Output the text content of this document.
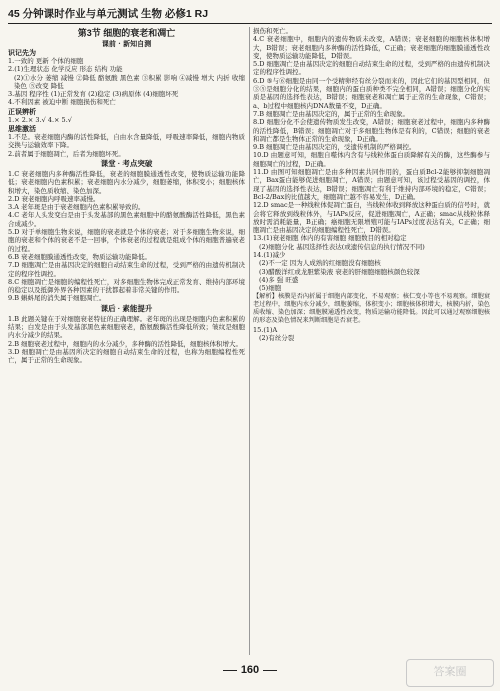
45 分钟课时作业与单元测试 生物 必修1 RJ
第3节 细胞的衰老和凋亡
课前 · 新知自测
识记先为

1.一致的 更新 个体的细胞

2.(1)生理状态 化学反应 形态 结构 功能

(2)①水分 萎缩 减慢 ②降低 酪氨酸 黑色素 ③积累 影响 ④减慢 增大 内折 收缩 染色 ⑤改变 降低

3.基因 程序性 (1)正常发育 (2)稳定 (3)病原体 (4)细胞坏死

4.不利因素 被迫中断 细胞损伤和死亡

正误辨析

1.× 2.× 3.√ 4.× 5.√

思维激活

1.不是。衰老细胞内酶的活性降低，自由水含量降低，呼吸速率降低，细胞内物质交换与运输效率下降。

2.前者属于细胞凋亡，后者为细胞坏死。

课堂 · 考点突破

1.C 衰老细胞内多种酶活性降低，衰老的细胞膜通透性改变，使物质运输功能降低；衰老细胞内色素积累；衰老细胞内水分减少，细胞萎缩，体积变小；细胞核体积增大，染色质收缩、染色加深。

2.D 衰老细胞内呼吸速率减慢。

3.A 老年斑是由于衰老细胞内色素积累导致的。

4.C 老年人头发变白是由于头发基部的黑色素细胞中的酪氨酸酶活性降低，黑色素合成减少。

5.D 对于单细胞生物来说，细胞的衰老就是个体的衰老；对于多细胞生物来说，细胞的衰老和个体的衰老不是一回事，个体衰老的过程就是组成个体的细胞普遍衰老的过程。

6.B 衰老细胞膜通透性改变，物质运输功能降低。

7.D 细胞凋亡是由基因决定的细胞自动结束生命的过程，受到严格的由遗传机制决定的程序性调控。

8.C 细胞凋亡是细胞的编程性死亡，对多细胞生物体完成正常发育、维持内部环境的稳定以及抵御外界各种因素的干扰都起着非常关键的作用。

9.B 蝌蚪尾的消失属于细胞凋亡。

课后 · 素能提升

1.B 此题关键在于对细胞衰老特征的正确理解。老年斑的出现是细胞内色素积累的结果；白发是由于头发基部黑色素细胞衰老，酪氨酸酶活性降低所致；皱纹是细胞内水分减少的结果。

2.B 细胞衰老过程中，细胞内的水分减少，多种酶的活性降低，细胞核体积增大。

3.D 细胞凋亡是由基因所决定的细胞自动结束生命的过程，也称为细胞编程性死亡，属于正常的生命现象。

损伤和死亡。

4.C 衰老细胞中，细胞内的遗传物质未改变，A错误；衰老细胞的细胞核体积增大，B错误；衰老细胞内多种酶的活性降低，C正确；衰老细胞的细胞膜通透性改变，使物质运输功能降低，D错误。

5.D 细胞凋亡是由基因决定的细胞自动结束生命的过程，受到严格的由遗传机制决定的程序性调控。

6.D ⑤与⑥细胞是由同一个受精卵经有丝分裂而来的，因此它们的基因型相同，但③⑤是细胞分化的结果，细胞内的蛋白质种类不完全相同，A错误；细胞分化的实质是基因的选择性表达，B错误；细胞衰老和凋亡属于正常的生命现象，C错误；a、b过程中细胞核内DNA数量不变，D正确。

7.B 细胞凋亡是由基因决定的，属于正常的生命现象。

8.D 细胞分化不会使遗传物质发生改变，A错误；细胞衰老过程中，细胞内多种酶的活性降低，B错误；细胞凋亡对于多细胞生物体是有利的，C错误；细胞的衰老和凋亡都是生物体正常的生命现象，D正确。

9.B 细胞凋亡是由基因决定的，受遗传机制的严格调控。

10.D 由题意可知，细胞自噬体内含有与线粒体蛋白质降解有关的酶，这些酶参与细胞凋亡的过程，D正确。

11.D 由图可知细胞凋亡是由多种因素共同作用的，蛋白质Bcl-2能够抑制细胞凋亡，Bax蛋白能够促进细胞凋亡，A错误；由题意可知，该过程受基因的调控，体现了基因的选择性表达，B错误；细胞凋亡有利于维持内部环境的稳定，C错误；Bcl-2/Bax的比值越大，细胞凋亡越不容易发生，D正确。

12.D smac是一种线粒体促凋亡蛋白，当线粒体收到释放这种蛋白质的信号时，就会将它释放到线粒体外，与IAPs反应，促进细胞凋亡，A正确；smac从线粒体释放时需消耗能量，B正确；癌细胞无限增殖可能与IAPs过度表达有关，C正确；细胞凋亡是由基因决定的细胞编程性死亡，D错误。

13.(1)衰老细胞 体内的有害细胞 细胞数目的相对稳定

(2)细胞分化 基因选择性表达(或遗传信息的执行情况不同)

14.(1)减少

(2)不一定 因为人成熟的红细胞没有细胞核

(3)醋酸洋红或龙胆紫染液 衰老的肝细胞细胞核颜色较深

(4)多 强 旺盛

(5)细胞

【解析】核膜是否內折属于细胞内部变化，不易观察；核仁变小等也不易观察。细胞衰老过程中，细胞内水分减少，细胞萎缩，体积变小；细胞核体积增大，核膜内折，染色质收缩、染色加深；细胞膜通透性改变，物质运输功能降低。因此可以通过观察细胞核的形态及染色情况来判断细胞是否衰老。

15.(1)A

(2)有丝分裂

160	答案圈
